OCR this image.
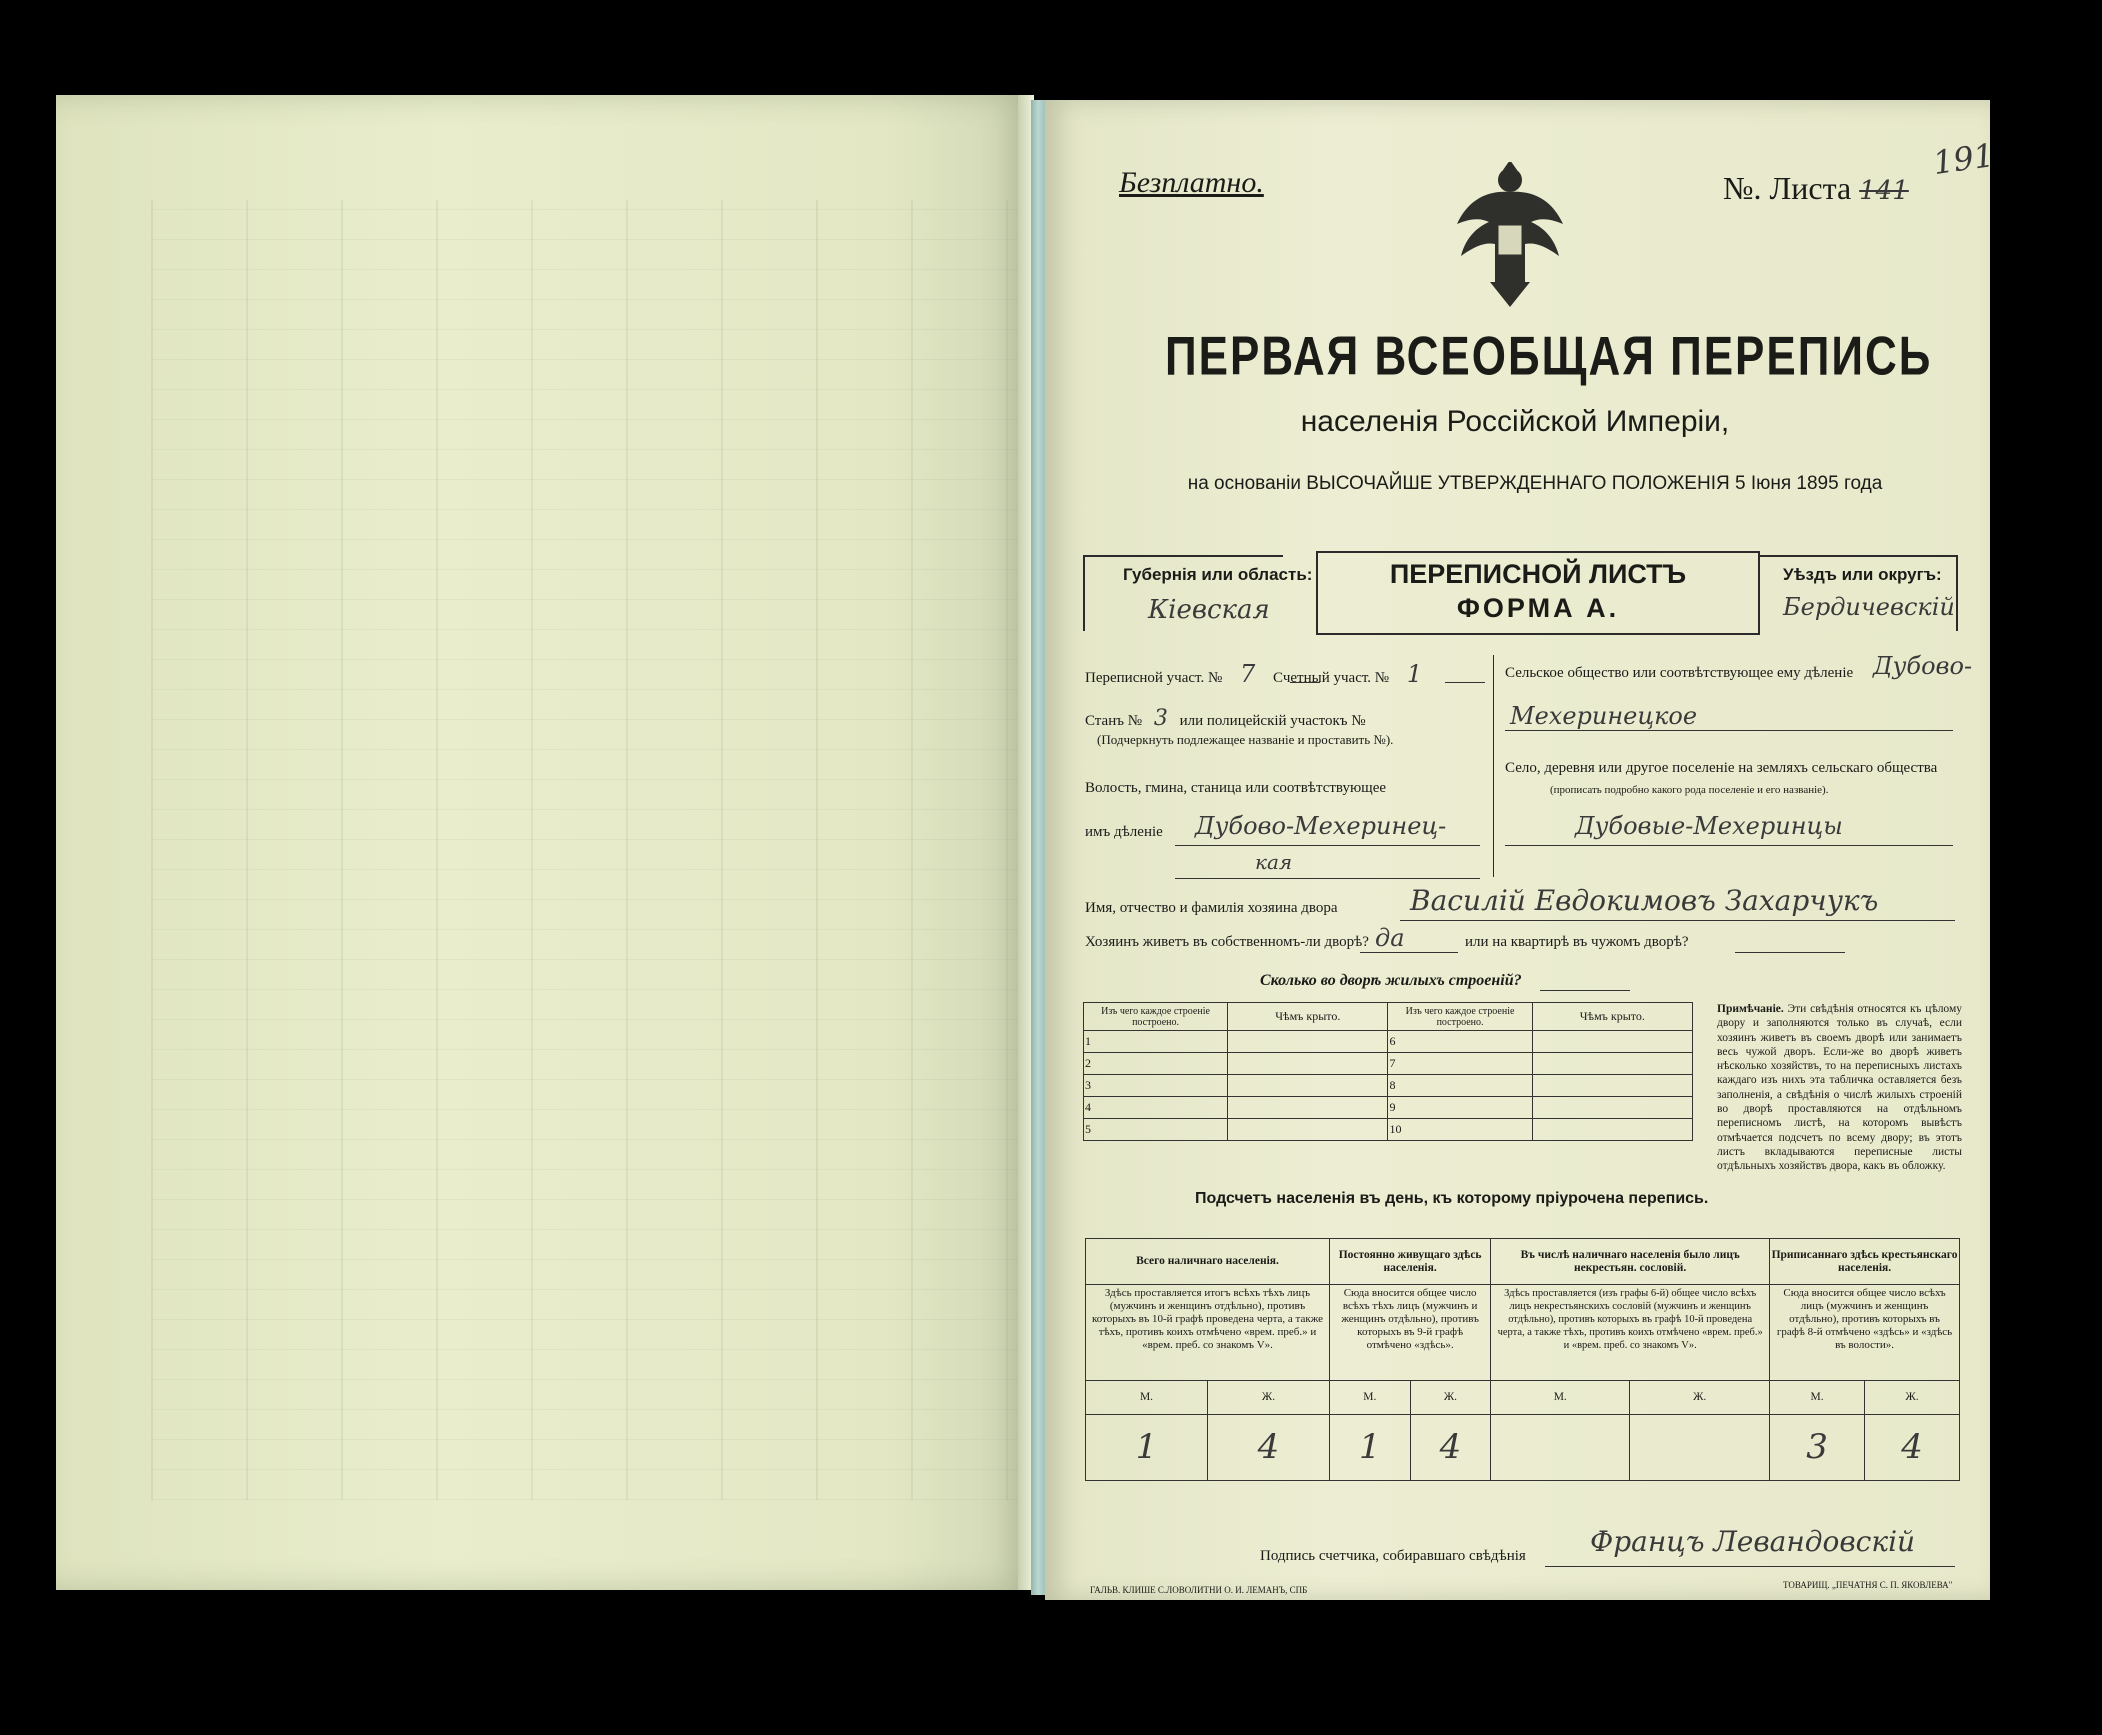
Безплатно.	№. Листа 141
191
ПЕРВАЯ ВСЕОБЩАЯ ПЕРЕПИСЬ
населенія Россійской Имперіи,
на основаніи ВЫСОЧАЙШЕ УТВЕРЖДЕННАГО ПОЛОЖЕНІЯ 5 Іюня 1895 года
Губернія или область:
Кіевская
ПЕРЕПИСНОЙ ЛИСТЪ
ФОРМА А.
Уѣздъ или округъ:
Бердичевскій
Переписной участ. № 7 Счетный участ. № 1
Станъ № 3 или полицейскій участокъ №
(Подчеркнуть подлежащее названіе и проставить №).
Волость, гмина, станица или соотвѣтствующее
имъ дѣленіе Дубово-Мехеринец-
кая
Сельское общество или соотвѣтствующее ему дѣленіе Дубово-
Мехеринецкое
Село, деревня или другое поселеніе на земляхъ сельскаго общества
(прописать подробно какого рода поселеніе и его названіе).
Дубовые-Мехеринцы
Имя, отчество и фамилія хозяина двора	Василій Евдокимовъ Захарчукъ
Хозяинъ живетъ въ собственномъ-ли дворѣ? да	или на квартирѣ въ чужомъ дворѣ?
Сколько во дворѣ жилыхъ строеній?
Изъ чего каждое строеніе построено.	Чѣмъ крыто.	Изъ чего каждое строеніе построено.	Чѣмъ крыто.
1		6	
2		7	
3		8	
4		9	
5		10	
Примѣчаніе. Эти свѣдѣнія относятся къ цѣлому двору и заполняются только въ случаѣ, если хозяинъ живетъ въ своемъ дворѣ или занимаетъ весь чужой дворъ. Если-же во дворѣ живетъ нѣсколько хозяйствъ, то на переписныхъ листахъ каждаго изъ нихъ эта табличка оставляется безъ заполненія, а свѣдѣнія о числѣ жилыхъ строеній во дворѣ проставляются на отдѣльномъ переписномъ листѣ, на которомъ вывѣстъ отмѣчается подсчетъ по всему двору; въ этотъ листъ вкладываются переписные листы отдѣльныхъ хозяйствъ двора, какъ въ обложку.
Подсчетъ населенія въ день, къ которому пріурочена перепись.
Всего наличнаго населенія.		Постоянно живущаго здѣсь населенія.		Въ числѣ наличнаго населенія было лицъ некрестьян. сословій.		Приписаннаго здѣсь крестьянскаго населенія.	
Здѣсь проставляется итогъ всѣхъ тѣхъ лицъ (мужчинъ и женщинъ отдѣльно), противъ которыхъ въ 10-й графѣ проведена черта, а также тѣхъ, противъ коихъ отмѣчено «врем. преб.» и «врем. преб. со знакомъ V».		Сюда вносится общее число всѣхъ тѣхъ лицъ (мужчинъ и женщинъ отдѣльно), противъ которыхъ въ 9-й графѣ отмѣчено «здѣсь».		Здѣсь проставляется (изъ графы 6-й) общее число всѣхъ лицъ некрестьянскихъ сословій (мужчинъ и женщинъ отдѣльно), противъ которыхъ въ графѣ 10-й проведена черта, а также тѣхъ, противъ коихъ отмѣчено «врем. преб.» и «врем. преб. со знакомъ V».		Сюда вносится общее число всѣхъ лицъ (мужчинъ и женщинъ отдѣльно), противъ которыхъ въ графѣ 8-й отмѣчено «здѣсь» и «здѣсь въ волости».	
М.	Ж.	М.	Ж.	М.	Ж.	М.	Ж.
1	4	1	4			3	4
Подпись счетчика, собиравшаго свѣдѣнія Францъ Левандовскій
ГАЛЬВ. КЛИШЕ С.ЛОВОЛИТНИ О. И. ЛЕМАНЪ, СПБ	ТОВАРИЩ. „ПЕЧАТНЯ С. П. ЯКОВЛЕВА"
